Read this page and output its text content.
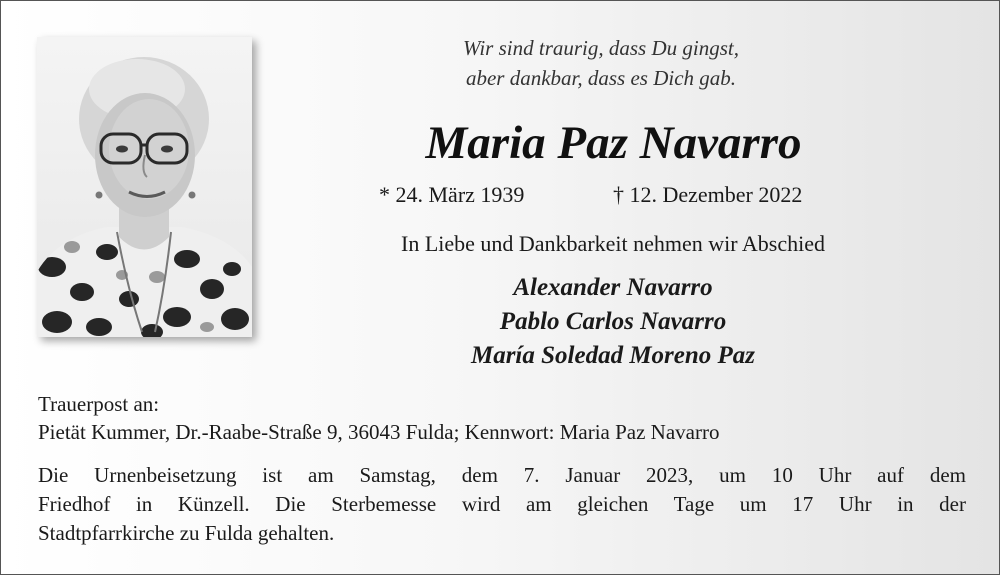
Wir sind traurig, dass Du gingst,
aber dankbar, dass es Dich gab.
Maria Paz Navarro
* 24. März 1939	† 12. Dezember 2022
In Liebe und Dankbarkeit nehmen wir Abschied
Alexander Navarro
Pablo Carlos Navarro
María Soledad Moreno Paz
Trauerpost an:
Pietät Kummer, Dr.-Raabe-Straße 9, 36043 Fulda; Kennwort: Maria Paz Navarro
Die Urnenbeisetzung ist am Samstag, dem 7. Januar 2023, um 10 Uhr auf dem
Friedhof in Künzell. Die Sterbemesse wird am gleichen Tage um 17 Uhr in der
Stadtpfarrkirche zu Fulda gehalten.
